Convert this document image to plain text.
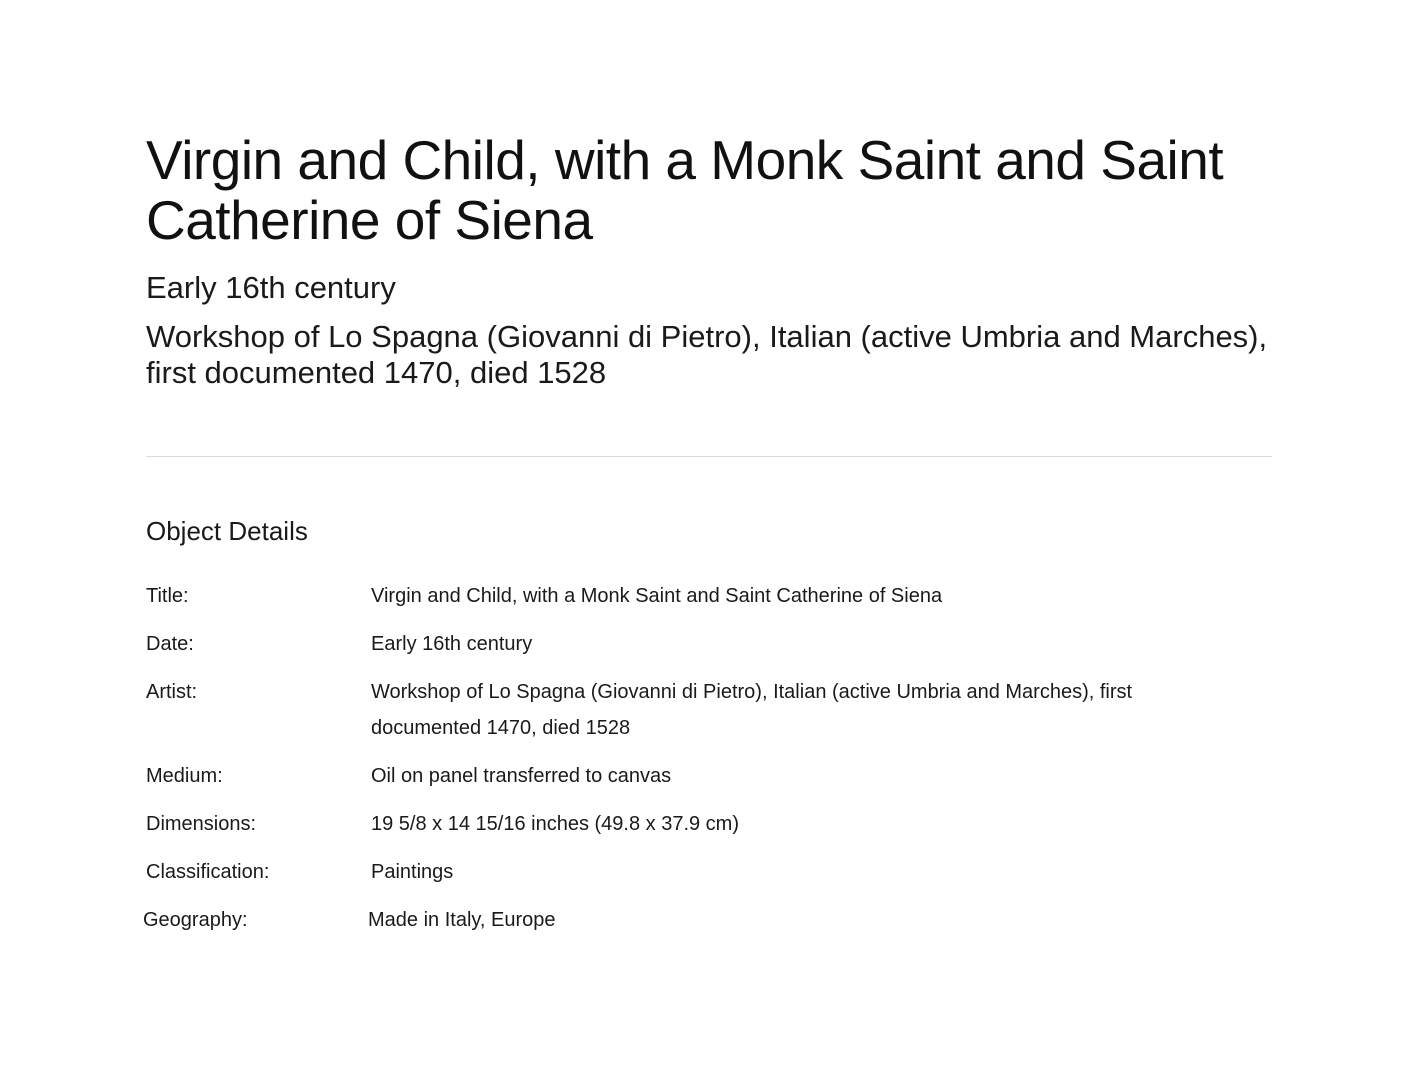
Virgin and Child, with a Monk Saint and Saint Catherine of Siena
Early 16th century
Workshop of Lo Spagna (Giovanni di Pietro), Italian (active Umbria and Marches), first documented 1470, died 1528
Object Details
Title:	Virgin and Child, with a Monk Saint and Saint Catherine of Siena
Date:	Early 16th century
Artist:	Workshop of Lo Spagna (Giovanni di Pietro), Italian (active Umbria and Marches), first documented 1470, died 1528
Medium:	Oil on panel transferred to canvas
Dimensions:	19 5/8 x 14 15/16 inches (49.8 x 37.9 cm)
Classification:	Paintings
Geography:	Made in Italy, Europe
